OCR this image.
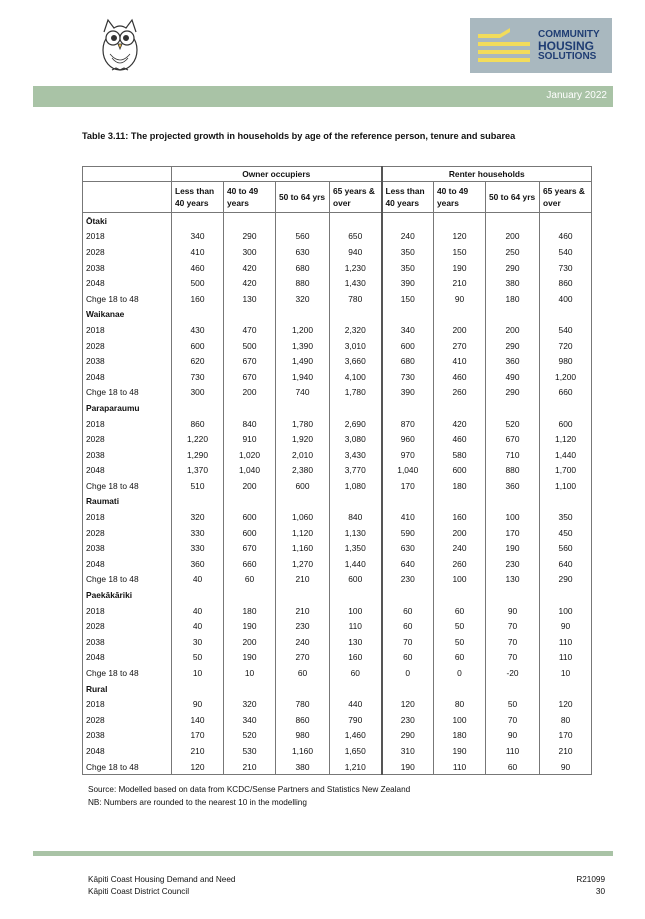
COMMUNITY
HOUSING
SOLUTIONS
January 2022
Table 3.11: The projected growth in households by age of the reference person, tenure and subarea
	Owner occupiers				Renter households			
	Less than 40 years	40 to 49 years	50 to 64 yrs	65 years & over	Less than 40 years	40 to 49 years	50 to 64 yrs	65 years & over
Ōtaki								
2018	340	290	560	650	240	120	200	460
2028	410	300	630	940	350	150	250	540
2038	460	420	680	1,230	350	190	290	730
2048	500	420	880	1,430	390	210	380	860
Chge 18 to 48	160	130	320	780	150	90	180	400
Waikanae								
2018	430	470	1,200	2,320	340	200	200	540
2028	600	500	1,390	3,010	600	270	290	720
2038	620	670	1,490	3,660	680	410	360	980
2048	730	670	1,940	4,100	730	460	490	1,200
Chge 18 to 48	300	200	740	1,780	390	260	290	660
Paraparaumu								
2018	860	840	1,780	2,690	870	420	520	600
2028	1,220	910	1,920	3,080	960	460	670	1,120
2038	1,290	1,020	2,010	3,430	970	580	710	1,440
2048	1,370	1,040	2,380	3,770	1,040	600	880	1,700
Chge 18 to 48	510	200	600	1,080	170	180	360	1,100
Raumati								
2018	320	600	1,060	840	410	160	100	350
2028	330	600	1,120	1,130	590	200	170	450
2038	330	670	1,160	1,350	630	240	190	560
2048	360	660	1,270	1,440	640	260	230	640
Chge 18 to 48	40	60	210	600	230	100	130	290
Paekākāriki								
2018	40	180	210	100	60	60	90	100
2028	40	190	230	110	60	50	70	90
2038	30	200	240	130	70	50	70	110
2048	50	190	270	160	60	60	70	110
Chge 18 to 48	10	10	60	60	0	0	-20	10
Rural								
2018	90	320	780	440	120	80	50	120
2028	140	340	860	790	230	100	70	80
2038	170	520	980	1,460	290	180	90	170
2048	210	530	1,160	1,650	310	190	110	210
Chge 18 to 48	120	210	380	1,210	190	110	60	90
Source: Modelled based on data from KCDC/Sense Partners and Statistics New Zealand
NB: Numbers are rounded to the nearest 10 in the modelling
Kāpiti Coast Housing Demand and Need
Kāpiti Coast District Council
R21099
30
